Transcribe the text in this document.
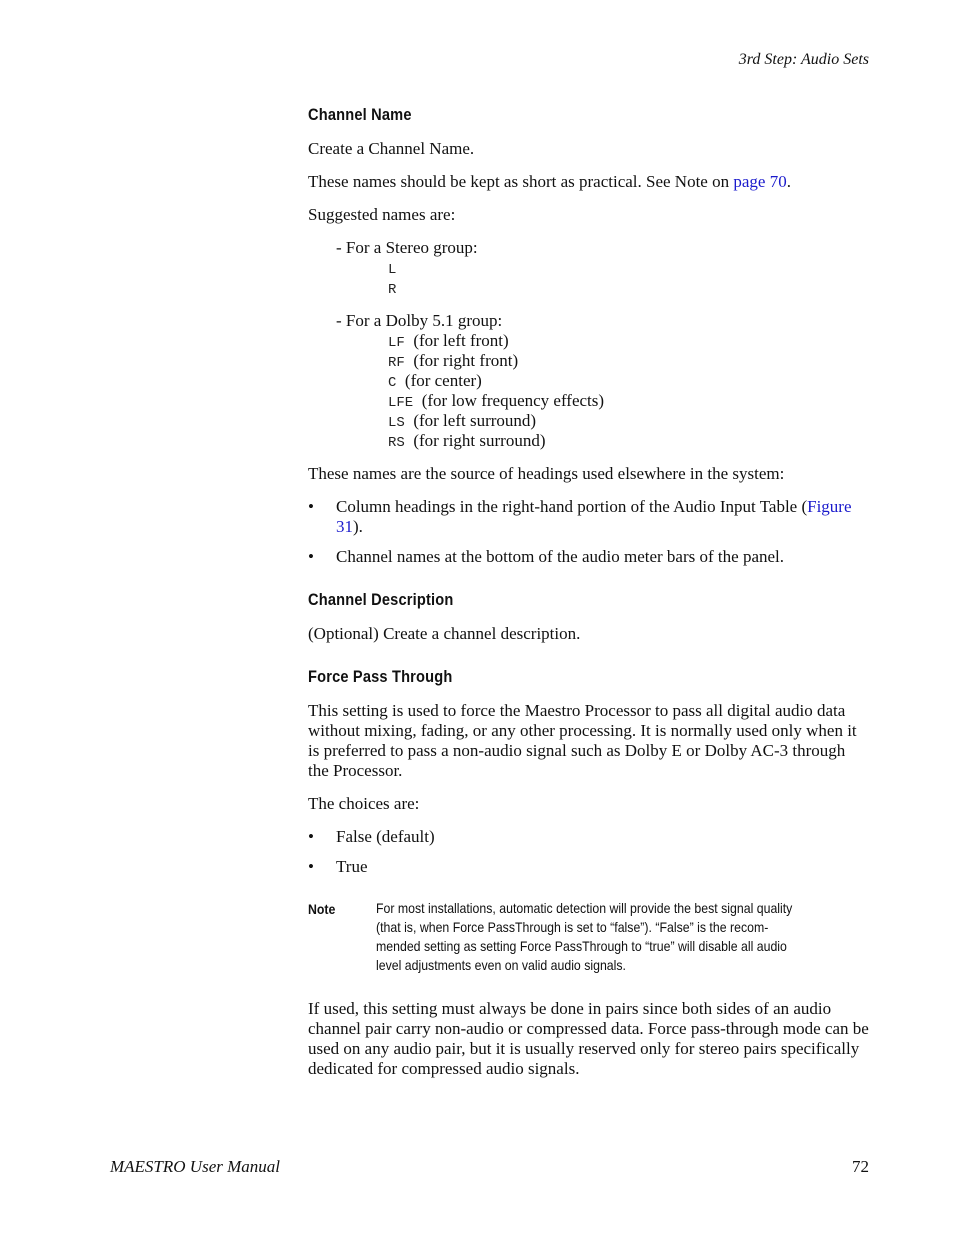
3rd Step: Audio Sets
Channel Name

Create a Channel Name.

These names should be kept as short as practical. See Note on page 70.

Suggested names are:

- For a Stereo group:
L
R
- For a Dolby 5.1 group:
LF (for left front)
RF (for right front)
C (for center)
LFE (for low frequency effects)
LS (for left surround)
RS (for right surround)

These names are the source of headings used elsewhere in the system:

•	Column headings in the right-hand portion of the Audio Input Table (Figure 31).
•	Channel names at the bottom of the audio meter bars of the panel.
Channel Description

(Optional) Create a channel description.

Force Pass Through

This setting is used to force the Maestro Processor to pass all digital audio data without mixing, fading, or any other processing. It is normally used only when it is preferred to pass a non-audio signal such as Dolby E or Dolby AC-3 through the Processor.

The choices are:

•	False (default)
•	True
Note	For most installations, automatic detection will provide the best signal quality (that is, when Force PassThrough is set to “false”). “False” is the recom-mended setting as setting Force PassThrough to “true” will disable all audio level adjustments even on valid audio signals.

If used, this setting must always be done in pairs since both sides of an audio channel pair carry non-audio or compressed data. Force pass-through mode can be used on any audio pair, but it is usually reserved only for stereo pairs specifically dedicated for compressed audio signals.

MAESTRO User Manual	72
